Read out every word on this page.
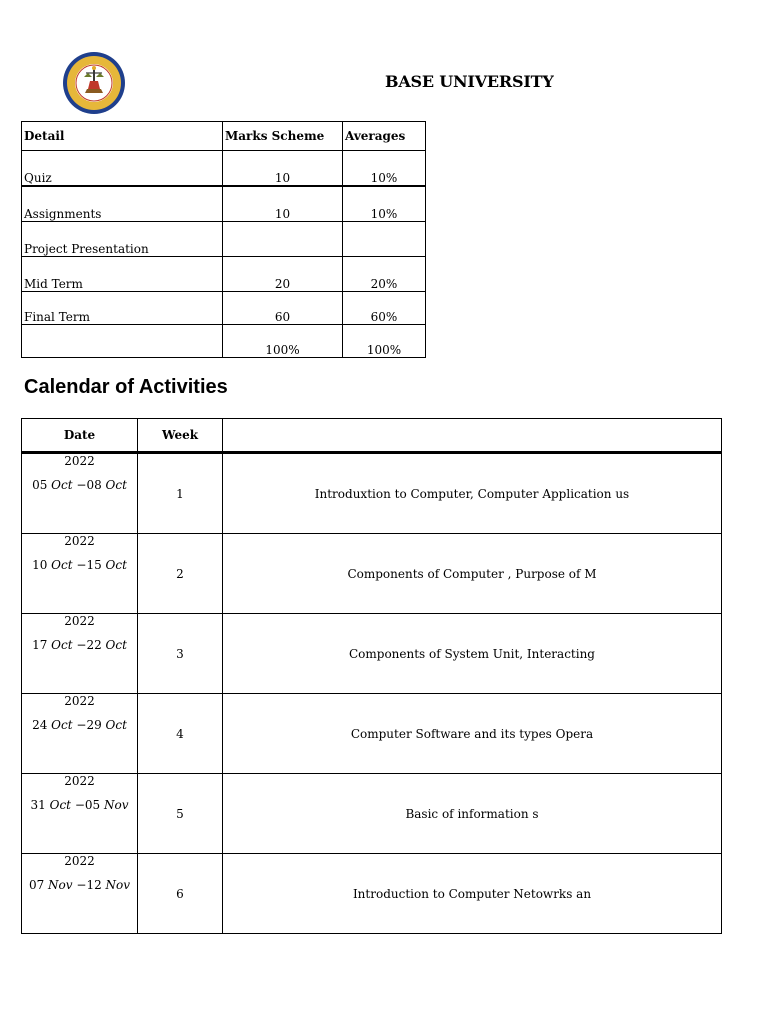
BASE UNIVERSITY
Detail	Marks Scheme	Averages
Quiz	10	10%
Assignments	10	10%
Project Presentation		
Mid Term	20	20%
Final Term	60	60%
	100%	100%
Calendar of Activities
Date	Week	

2022
05 Oct −08 Oct	1	Introduxtion to Computer, Computer Application us

2022
10 Oct −15 Oct	2	Components of Computer , Purpose of M

2022
17 Oct −22 Oct	3	Components of System Unit, Interacting

2022
24 Oct −29 Oct	4	Computer Software and its types Opera

2022
31 Oct −05 Nov	5	Basic of information s

2022
07 Nov −12 Nov	6	Introduction to Computer Netowrks an
